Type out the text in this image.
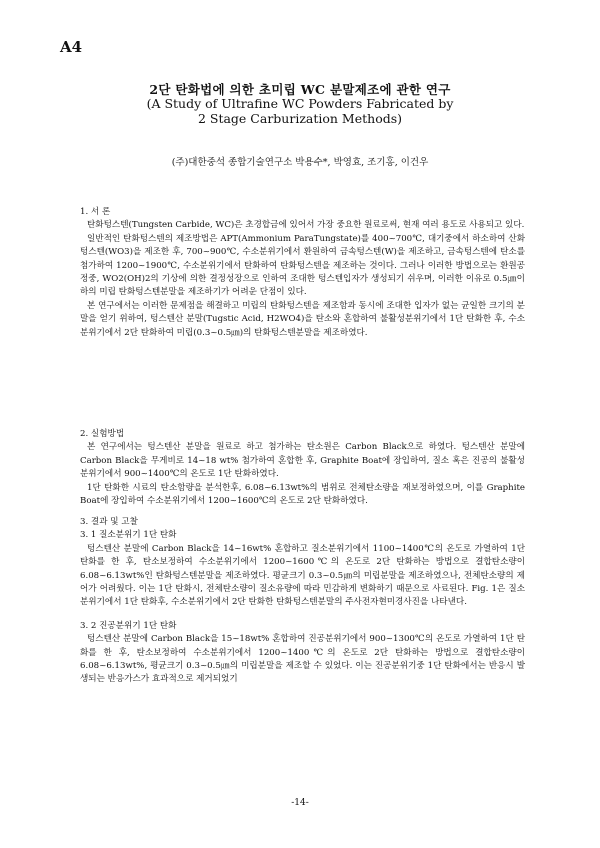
A4
2단 탄화법에 의한 초미립 WC 분말제조에 관한 연구
(A Study of Ultrafine WC Powders Fabricated by
2 Stage Carburization Methods)
(주)대한중석 종합기술연구소 박용수*, 박영효, 조기홍, 이건우
1. 서 론

탄화텅스텐(Tungsten Carbide, WC)은 초경합금에 있어서 가장 중요한 원료로써, 현재 여러 용도로 사용되고 있다.

일반적인 탄화텅스텐의 제조방법은 APT(Ammonium ParaTungstate)를 400~700℃, 대기중에서 하소하여 산화텅스텐(WO3)을 제조한 후, 700~900℃, 수소분위기에서 환원하여 금속텅스텐(W)을 제조하고, 금속텅스텐에 탄소를 첨가하여 1200~1900℃, 수소분위기에서 탄화하여 탄화텅스텐을 제조하는 것이다. 그러나 이러한 방법으로는 환원공정중, WO2(OH)2의 기상에 의한 결정성장으로 인하여 조대한 텅스텐입자가 생성되기 쉬우며, 이러한 이유로 0.5㎛이하의 미립 탄화텅스텐분말을 제조하기가 어려운 단점이 있다.

본 연구에서는 이러한 문제점을 해결하고 미립의 탄화텅스텐을 제조함과 동시에 조대한 입자가 없는 균일한 크기의 분말을 얻기 위하여, 텅스텐산 분말(Tugstic Acid, H2WO4)을 탄소와 혼합하여 불활성분위기에서 1단 탄화한 후, 수소분위기에서 2단 탄화하여 미립(0.3~0.5㎛)의 탄화텅스텐분말을 제조하였다.

2. 실험방법

본 연구에서는 텅스텐산 분말을 원료로 하고 첨가하는 탄소원은 Carbon Black으로 하였다. 텅스텐산 분말에 Carbon Black을 무게비로 14~18 wt% 첨가하여 혼합한 후, Graphite Boat에 장입하여, 질소 혹은 진공의 불활성분위기에서 900~1400℃의 온도로 1단 탄화하였다.

1단 탄화한 시료의 탄소함량을 분석한후, 6.08~6.13wt%의 범위로 전체탄소량을 재보정하였으며, 이를 Graphite Boat에 장입하여 수소분위기에서 1200~1600℃의 온도로 2단 탄화하였다.

3. 결과 및 고찰
3. 1 질소분위기 1단 탄화

텅스텐산 분말에 Carbon Black을 14~16wt% 혼합하고 질소분위기에서 1100~1400℃의 온도로 가열하여 1단 탄화를 한 후, 탄소보정하여 수소분위기에서 1200~1600℃의 온도로 2단 탄화하는 방법으로 결합탄소량이 6.08~6.13wt%인 탄화텅스텐분말을 제조하였다. 평균크기 0.3~0.5㎛의 미립분말을 제조하였으나, 전체탄소량의 제어가 어려웠다. 이는 1단 탄화시, 전체탄소량이 질소유량에 따라 민감하게 변화하기 때문으로 사료된다. Fig. 1은 질소분위기에서 1단 탄화후, 수소분위기에서 2단 탄화한 탄화텅스텐분말의 주사전자현미경사진을 나타낸다.

3. 2 진공분위기 1단 탄화

텅스텐산 분말에 Carbon Black을 15~18wt% 혼합하여 진공분위기에서 900~1300℃의 온도로 가열하여 1단 탄화를 한 후, 탄소보정하여 수소분위기에서 1200~1400℃의 온도로 2단 탄화하는 방법으로 결합탄소량이 6.08~6.13wt%, 평균크기 0.3~0.5㎛의 미립분말을 제조할 수 있었다. 이는 진공분위기중 1단 탄화에서는 반응시 발생되는 반응가스가 효과적으로 제거되었기

-14-
